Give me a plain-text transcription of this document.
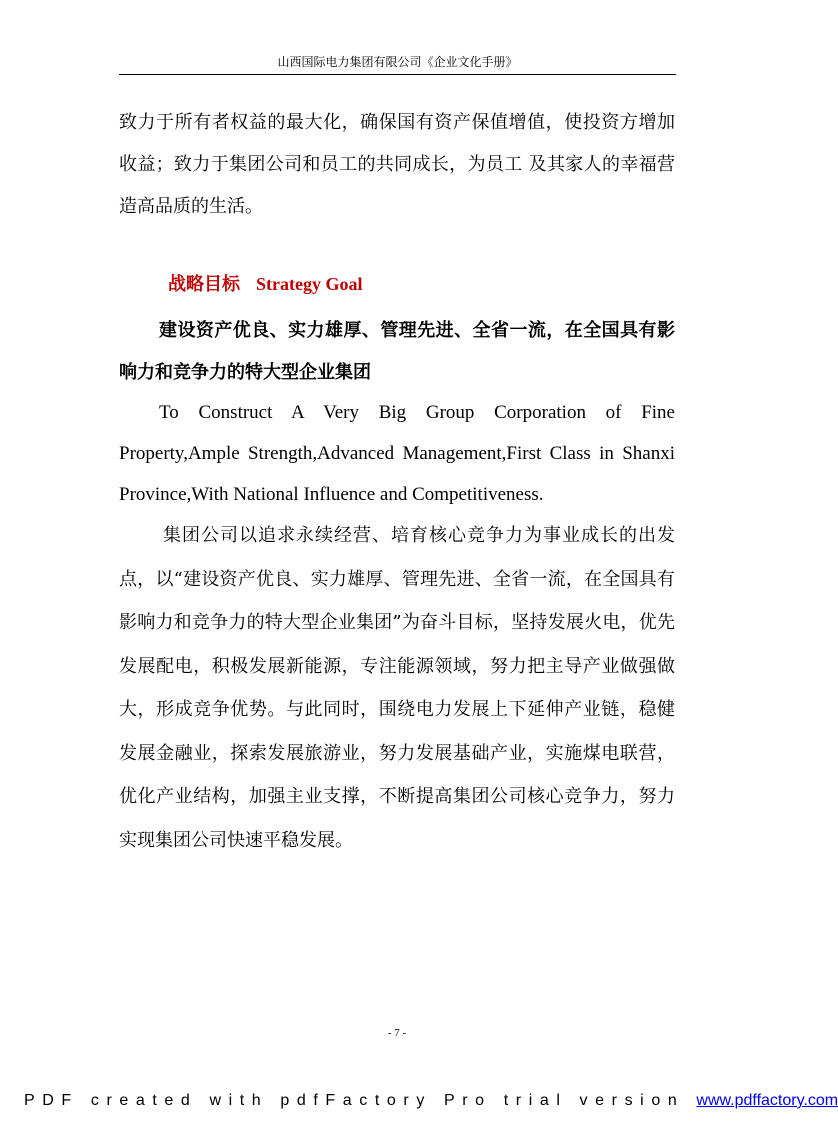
山西国际电力集团有限公司《企业文化手册》

致力于所有者权益的最大化，确保国有资产保值增值，使投资方增加收益；致力于集团公司和员工的共同成长，为员工 及其家人的幸福营造高品质的生活。

战略目标 Strategy Goal

建设资产优良、实力雄厚、管理先进、全省一流，在全国具有影响力和竞争力的特大型企业集团

To Construct A Very Big Group Corporation of Fine Property,Ample Strength,Advanced Management,First Class in Shanxi Province,With National Influence and Competitiveness.

集团公司以追求永续经营、培育核心竞争力为事业成长的出发点，以“建设资产优良、实力雄厚、管理先进、全省一流，在全国具有影响力和竞争力的特大型企业集团”为奋斗目标，坚持发展火电，优先发展配电，积极发展新能源，专注能源领域，努力把主导产业做强做大，形成竞争优势。与此同时，围绕电力发展上下延伸产业链，稳健发展金融业，探索发展旅游业，努力发展基础产业，实施煤电联营，优化产业结构，加强主业支撑，不断提高集团公司核心竞争力，努力实现集团公司快速平稳发展。

- 7 -
PDF created with pdfFactory Pro trial version www.pdffactory.com
